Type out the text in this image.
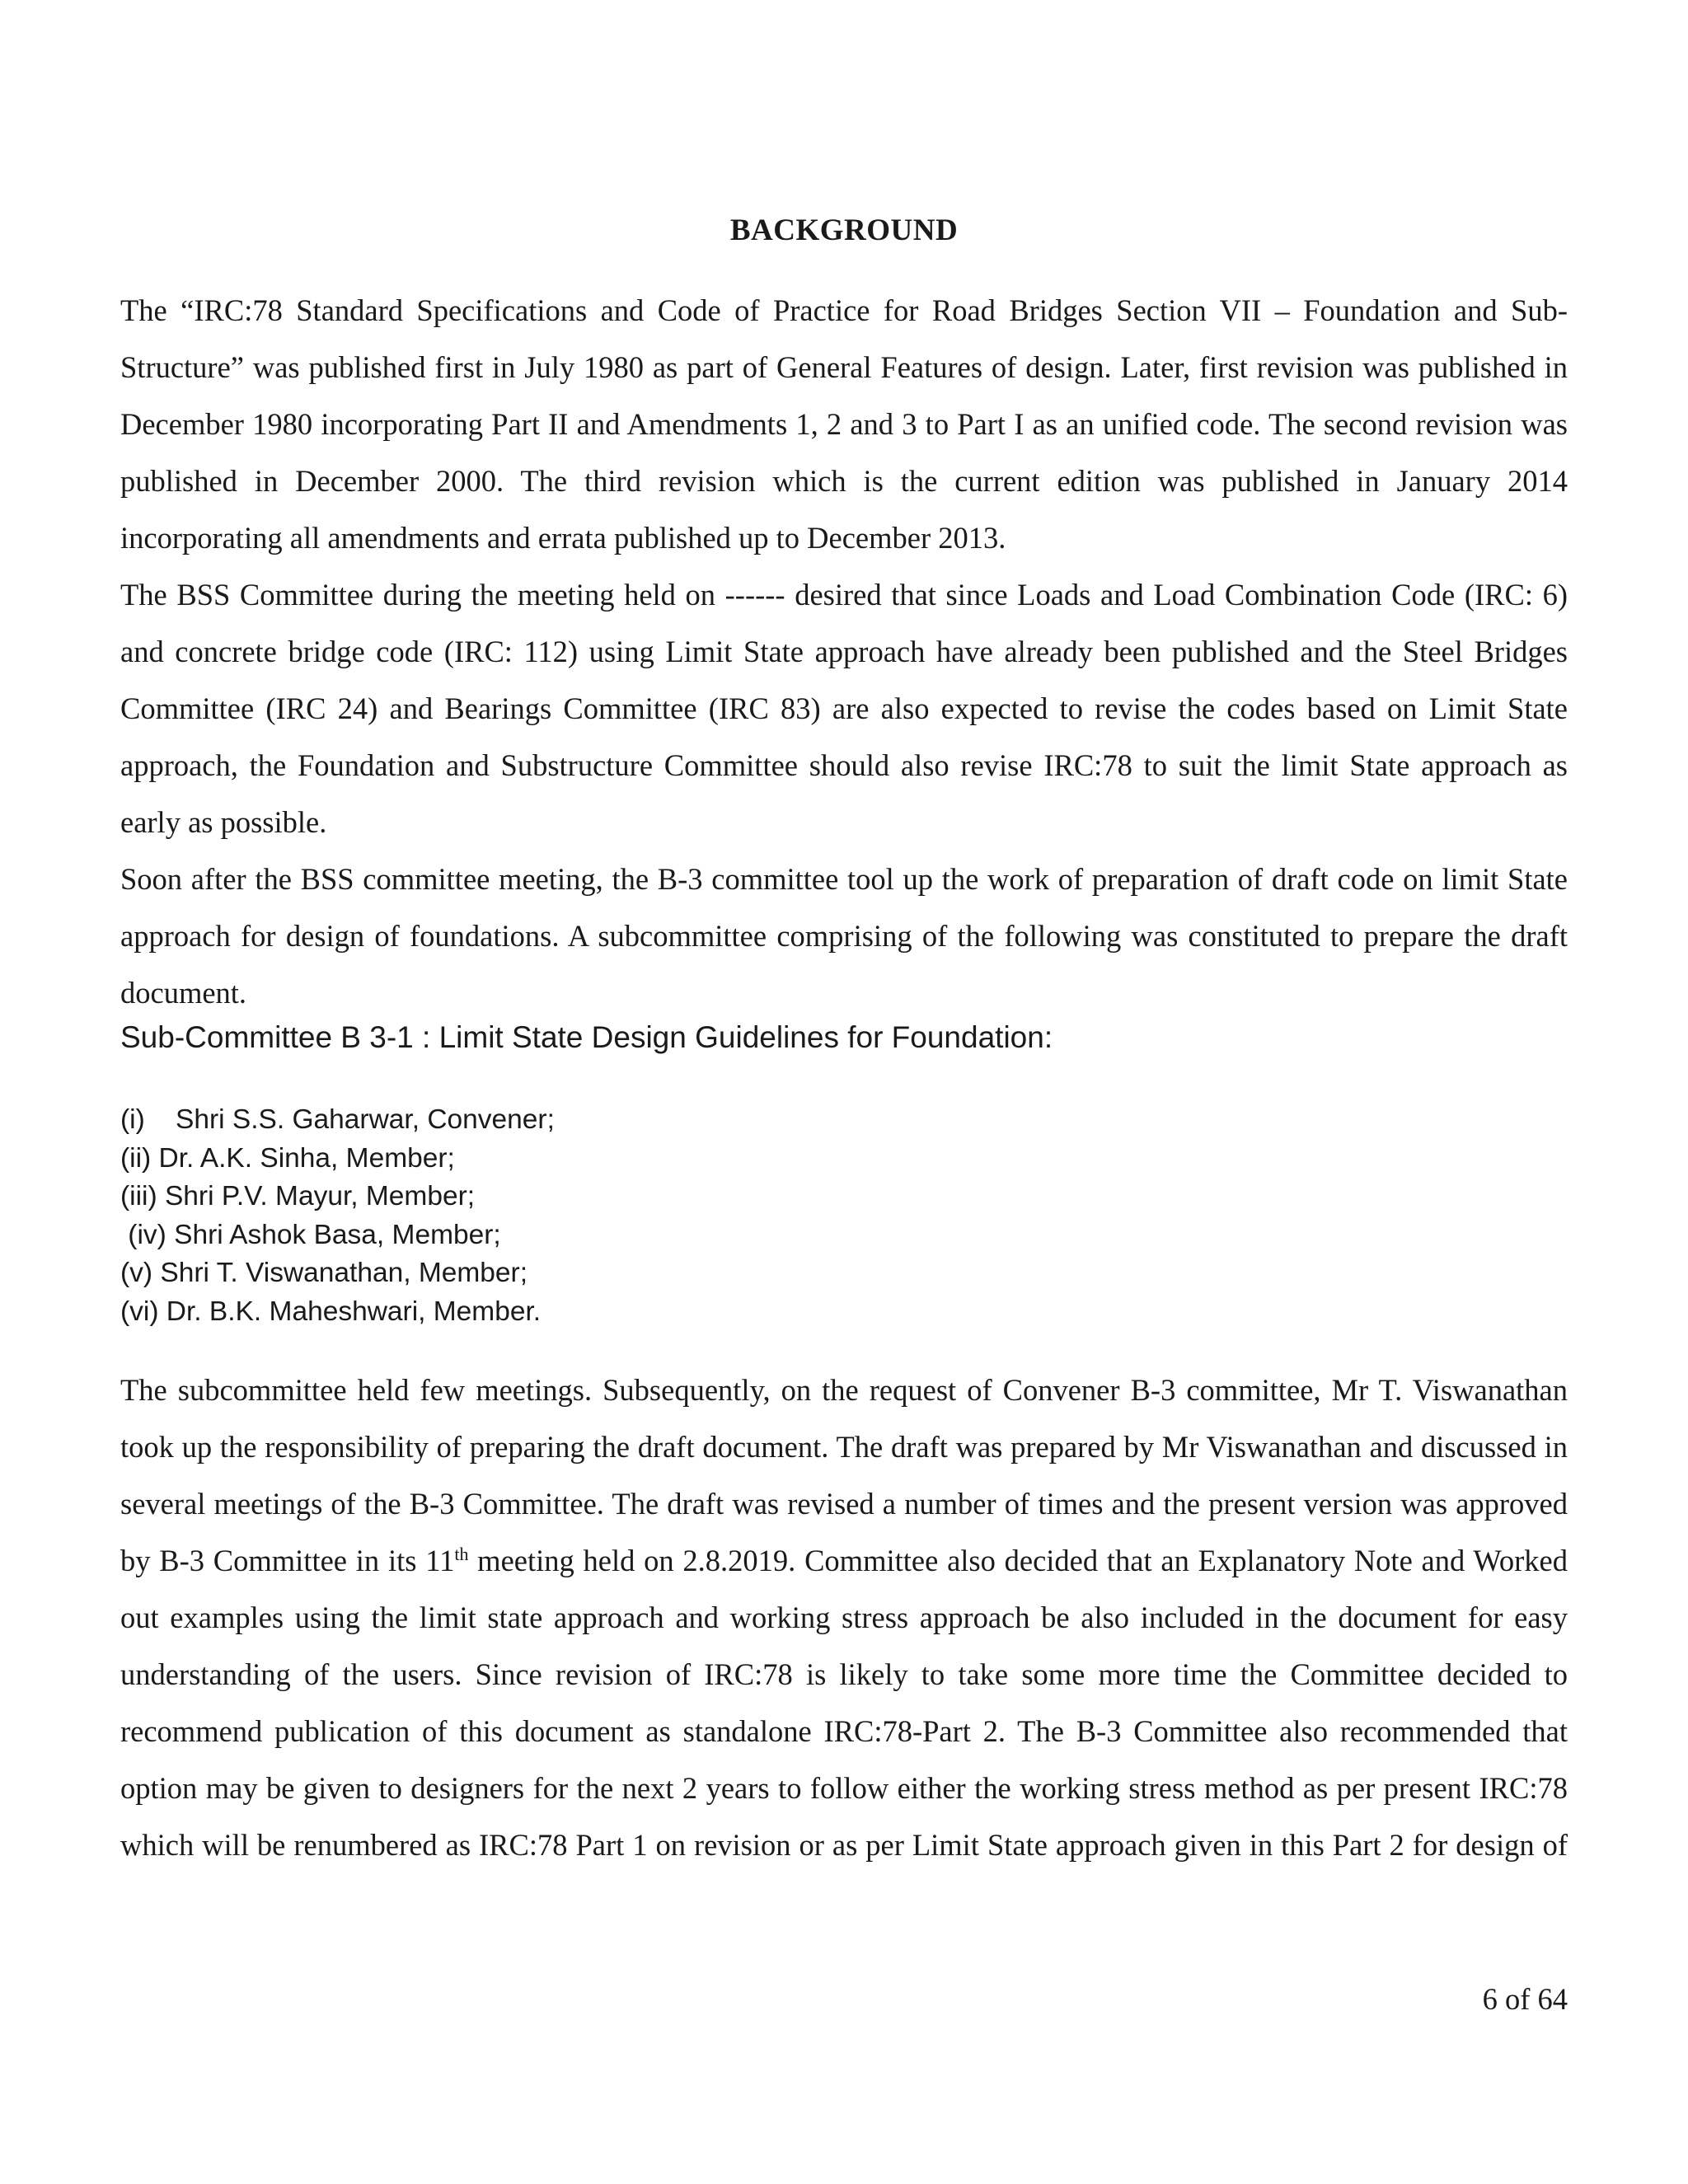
BACKGROUND

The “IRC:78 Standard Specifications and Code of Practice for Road Bridges Section VII – Foundation and Sub-Structure” was published first in July 1980 as part of General Features of design. Later, first revision was published in December 1980 incorporating Part II and Amendments 1, 2 and 3 to Part I as an unified code. The second revision was published in December 2000. The third revision which is the current edition was published in January 2014 incorporating all amendments and errata published up to December 2013.

The BSS Committee during the meeting held on ------ desired that since Loads and Load Combination Code (IRC: 6) and concrete bridge code (IRC: 112) using Limit State approach have already been published and the Steel Bridges Committee (IRC 24) and Bearings Committee (IRC 83) are also expected to revise the codes based on Limit State approach, the Foundation and Substructure Committee should also revise IRC:78 to suit the limit State approach as early as possible.

Soon after the BSS committee meeting, the B-3 committee tool up the work of preparation of draft code on limit State approach for design of foundations. A subcommittee comprising of the following was constituted to prepare the draft document.

Sub-Committee B 3-1 : Limit State Design Guidelines for Foundation:

(i)    Shri S.S. Gaharwar, Convener;
(ii) Dr. A.K. Sinha, Member;
(iii) Shri P.V. Mayur, Member;
(iv) Shri Ashok Basa, Member;
(v) Shri T. Viswanathan, Member;
(vi) Dr. B.K. Maheshwari, Member.

The subcommittee held few meetings. Subsequently, on the request of Convener B-3 committee, Mr T. Viswanathan took up the responsibility of preparing the draft document. The draft was prepared by Mr Viswanathan and discussed in several meetings of the B-3 Committee. The draft was revised a number of times and the present version was approved by B-3 Committee in its 11th meeting held on 2.8.2019. Committee also decided that an Explanatory Note and Worked out examples using the limit state approach and working stress approach be also included in the document for easy understanding of the users. Since revision of IRC:78 is likely to take some more time the Committee decided to recommend publication of this document as standalone IRC:78-Part 2. The B-3 Committee also recommended that option may be given to designers for the next 2 years to follow either the working stress method as per present IRC:78 which will be renumbered as IRC:78 Part 1 on revision or as per Limit State approach given in this Part 2 for design of

6 of 64
